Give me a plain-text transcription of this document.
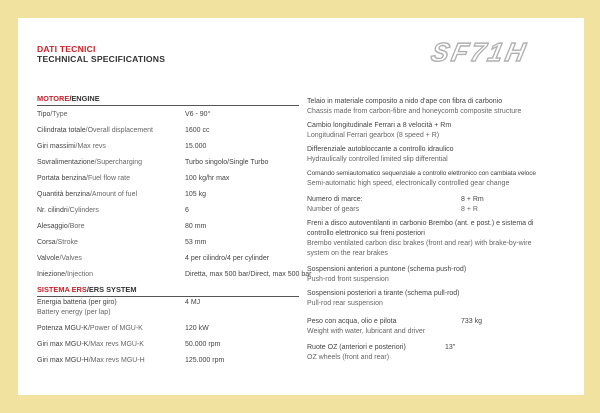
DATI TECNICI
TECHNICAL SPECIFICATIONS	SF71H
MOTORE/ENGINE
Tipo/Type	V6 - 90°
Cilindrata totale/Overall displacement	1600 cc
Giri massimi/Max revs	15.000
Sovralimentazione/Supercharging	Turbo singolo/Single Turbo
Portata benzina/Fuel flow rate	100 kg/hr max
Quantità benzina/Amount of fuel	105 kg
Nr. cilindri/Cylinders	6
Alesaggio/Bore	80 mm
Corsa/Stroke	53 mm
Valvole/Valves	4 per cilindro/4 per cylinder
Iniezione/Injection	Diretta, max 500 bar/Direct, max 500 bar
SISTEMA ERS/ERS SYSTEM
Energia batteria (per giro)	4 MJ
Battery energy (per lap)
Potenza MGU-K/Power of MGU-K	120 kW
Giri max MGU-K/Max revs MGU-K	50.000 rpm
Giri max MGU-H/Max revs MGU-H	125.000 rpm
Telaio in materiale composito a nido d'ape con fibra di carbonio
Chassis made from carbon-fibre and honeycomb composite structure
Cambio longitudinale Ferrari a 8 velocità + Rm
Longitudinal Ferrari gearbox (8 speed + R)
Differenziale autobloccante a controllo idraulico
Hydraulically controlled limited slip differential
Comando semiautomatico sequenziale a controllo elettronico con cambiata veloce
Semi-automatic high speed, electronically controlled gear change
Numero di marce:	8 + Rm
Number of gears	8 + R
Freni a disco autoventilanti in carbonio Brembo (ant. e post.) e sistema di
controllo elettronico sui freni posteriori
Brembo ventilated carbon disc brakes (front and rear) with brake-by-wire
system on the rear brakes
Sospensioni anteriori a puntone (schema push-rod)
Push-rod front suspension
Sospensioni posteriori a tirante (schema pull-rod)
Pull-rod rear suspension
Peso con acqua, olio e pilota	733 kg
Weight with water, lubricant and driver
Ruote OZ (anteriori e posteriori)	13"
OZ wheels (front and rear)
